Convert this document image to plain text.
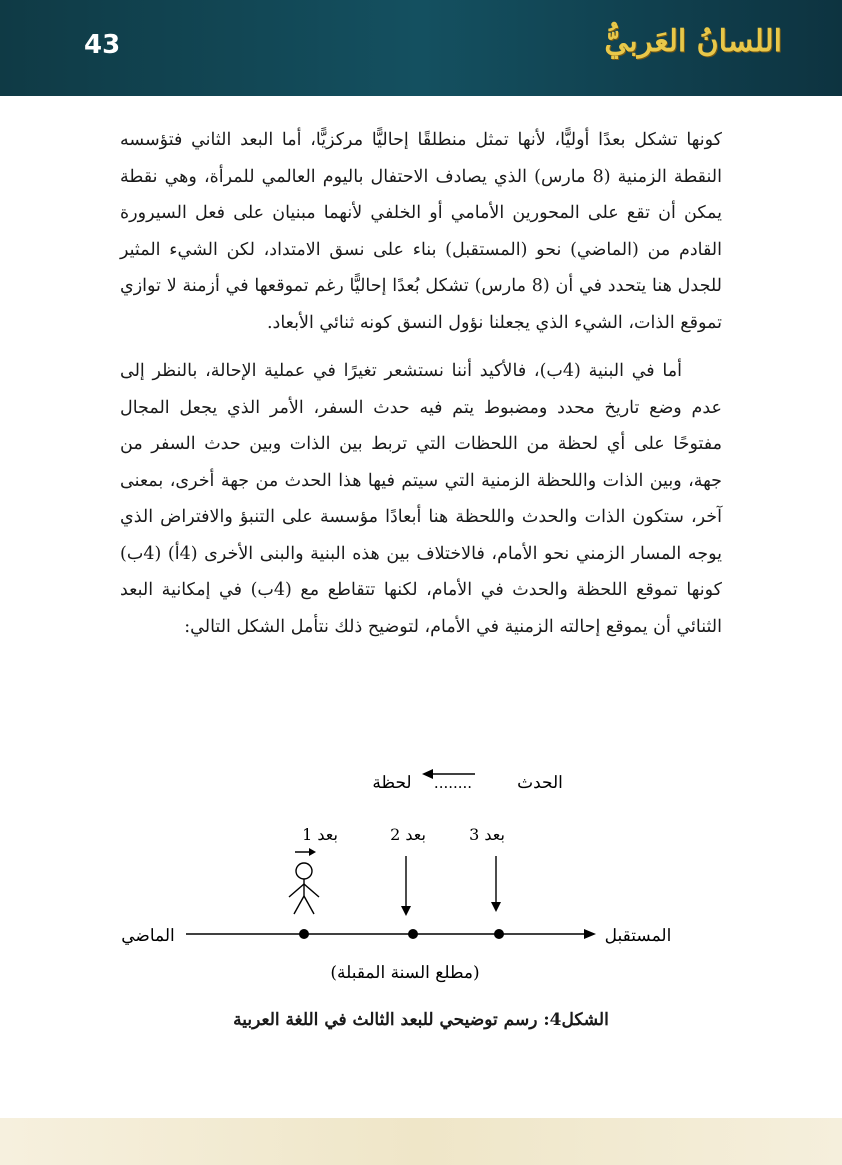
43	اللسانُ العَربيُّ

كونها تشكل بعدًا أوليًّا، لأنها تمثل منطلقًا إحاليًّا مركزيًّا، أما البعد الثاني فتؤسسه النقطة الزمنية (8 مارس) الذي يصادف الاحتفال باليوم العالمي للمرأة، وهي نقطة يمكن أن تقع على المحورين الأمامي أو الخلفي لأنهما مبنيان على فعل السيرورة القادم من (الماضي) نحو (المستقبل) بناء على نسق الامتداد، لكن الشيء المثير للجدل هنا يتحدد في أن (8 مارس) تشكل بُعدًا إحاليًّا رغم تموقعها في أزمنة لا توازي تموقع الذات، الشيء الذي يجعلنا نؤول النسق كونه ثنائي الأبعاد.

أما في البنية (4ب)، فالأكيد أننا نستشعر تغيرًا في عملية الإحالة، بالنظر إلى عدم وضع تاريخ محدد ومضبوط يتم فيه حدث السفر، الأمر الذي يجعل المجال مفتوحًا على أي لحظة من اللحظات التي تربط بين الذات وبين حدث السفر من جهة، وبين الذات واللحظة الزمنية التي سيتم فيها هذا الحدث من جهة أخرى، بمعنى آخر، ستكون الذات والحدث واللحظة هنا أبعادًا مؤسسة على التنبؤ والافتراض الذي يوجه المسار الزمني نحو الأمام، فالاختلاف بين هذه البنية والبنى الأخرى (4أ) (4ب) كونها تموقع اللحظة والحدث في الأمام، لكنها تتقاطع مع (4ب) في إمكانية البعد الثنائي أن يموقع إحالته الزمنية في الأمام، لتوضيح ذلك نتأمل الشكل التالي:

الحدث
........
لحظة
بعد 1	بعد 2	بعد 3
الماضي	المستقبل
(مطلع السنة المقبلة)
الشكل4: رسم توضيحي للبعد الثالث في اللغة العربية
